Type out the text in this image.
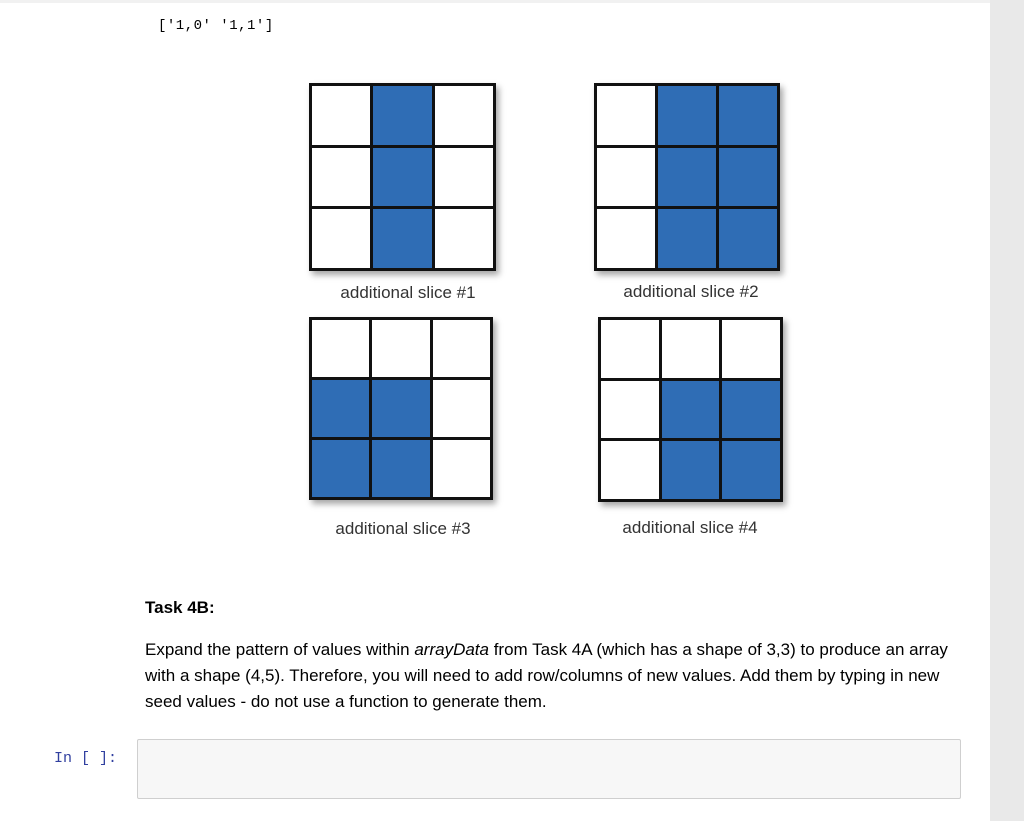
['1,0' '1,1']
additional slice #1	additional slice #2
additional slice #3	additional slice #4
Task 4B:
Expand the pattern of values within arrayData from Task 4A (which has a shape of 3,3) to produce an array with a shape (4,5). Therefore, you will need to add row/columns of new values. Add them by typing in new seed values - do not use a function to generate them.
In [ ]:
